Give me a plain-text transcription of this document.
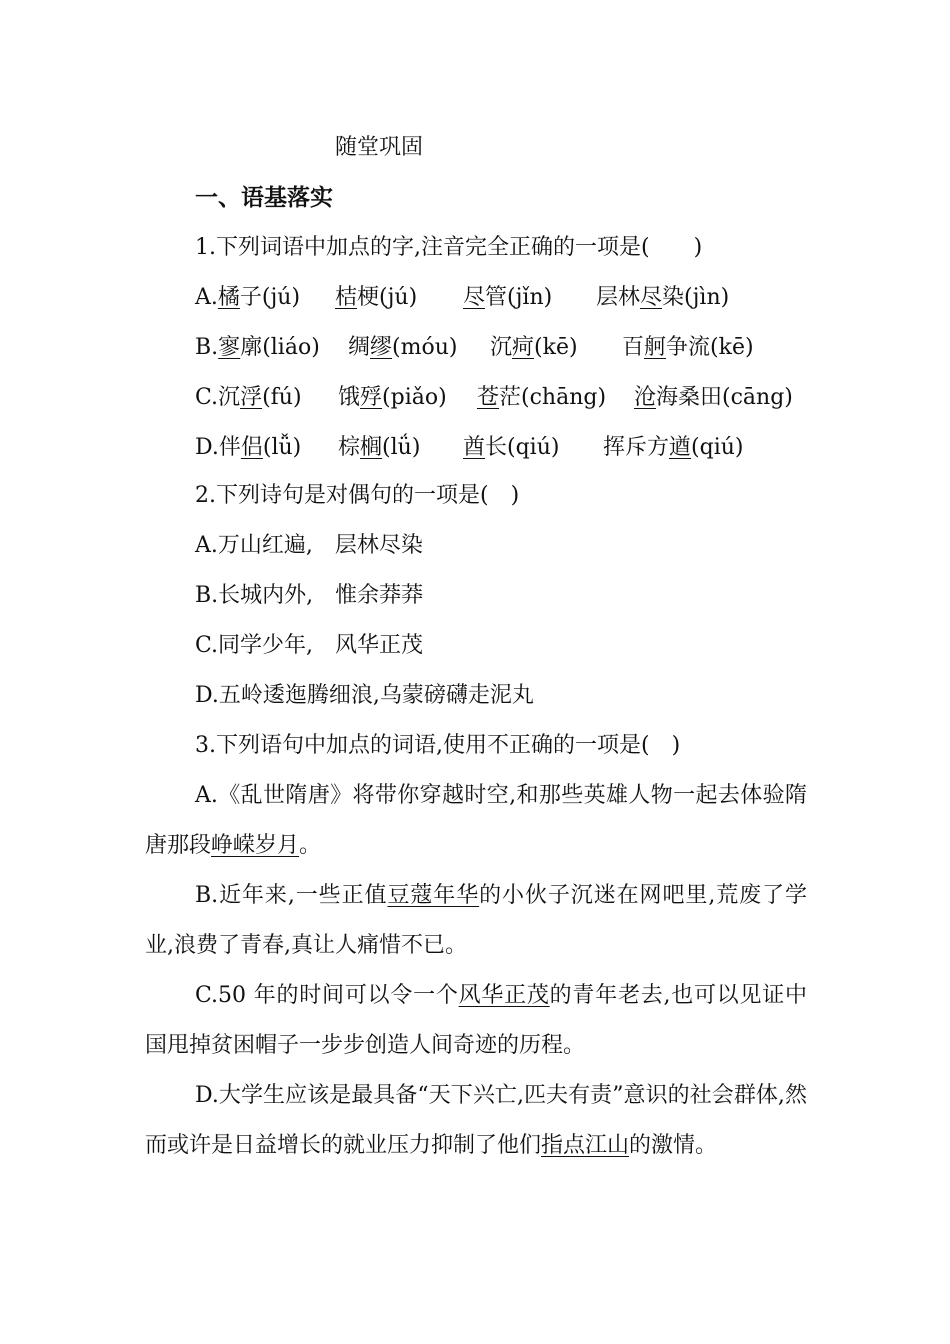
随堂巩固
一、语基落实
1.下列词语中加点的字,注音完全正确的一项是(　　)
A.橘子(jú) 桔梗(jú) 尽管(jǐn) 层林尽染(jìn)
B.寥廓(liáo) 绸缪(móu) 沉疴(kē) 百舸争流(kē)
C.沉浮(fú) 饿殍(piǎo) 苍茫(chāng) 沧海桑田(cāng)
D.伴侣(lǚ) 棕榈(lǘ) 酋长(qiú) 挥斥方遒(qiú)
2.下列诗句是对偶句的一项是(　)
A.万山红遍,　层林尽染
B.长城内外,　惟余莽莽
C.同学少年,　风华正茂
D.五岭逶迤腾细浪,乌蒙磅礴走泥丸
3.下列语句中加点的词语,使用不正确的一项是(　)
A.《乱世隋唐》将带你穿越时空,和那些英雄人物一起去体验隋唐那段峥嵘岁月。
B.近年来,一些正值豆蔻年华的小伙子沉迷在网吧里,荒废了学业,浪费了青春,真让人痛惜不已。
C.50 年的时间可以令一个风华正茂的青年老去,也可以见证中国甩掉贫困帽子一步步创造人间奇迹的历程。
D.大学生应该是最具备“天下兴亡,匹夫有责”意识的社会群体,然而或许是日益增长的就业压力抑制了他们指点江山的激情。
